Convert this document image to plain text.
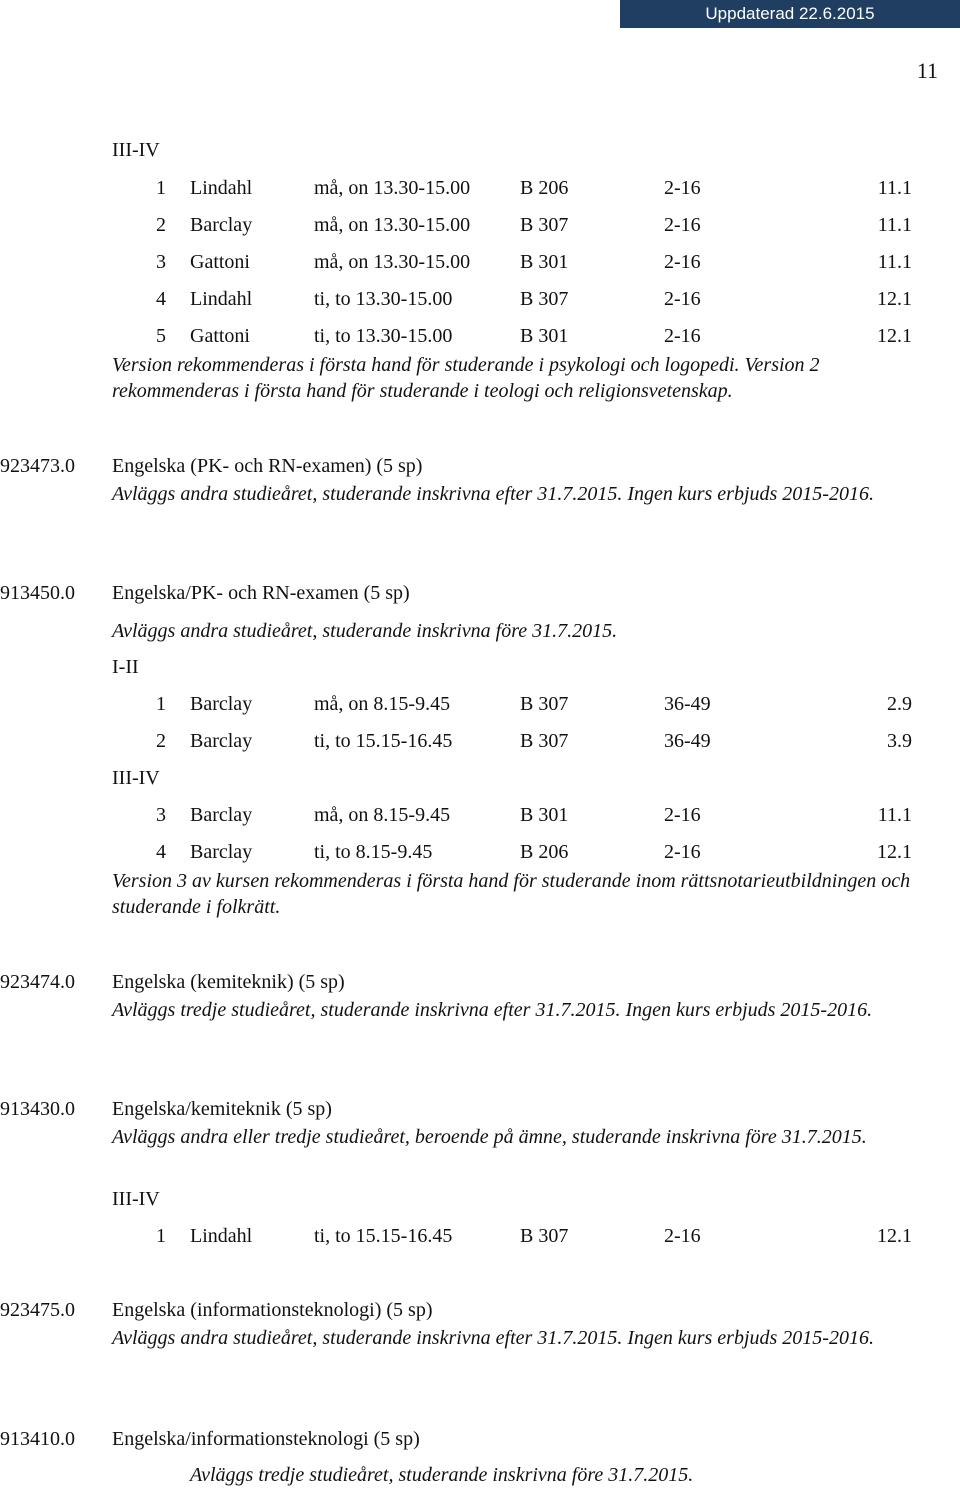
Uppdaterad 22.6.2015
11
III-IV
1 Lindahl	må, on 13.30-15.00 B 206	2-16	11.1
2 Barclay	må, on 13.30-15.00 B 307	2-16	11.1
3 Gattoni	må, on 13.30-15.00 B 301	2-16	11.1
4 Lindahl	ti, to 13.30-15.00	B 307	2-16	12.1
5 Gattoni	ti, to 13.30-15.00	B 301	2-16	12.1
Version rekommenderas i första hand för studerande i psykologi och logopedi. Version 2 rekommenderas i första hand för studerande i teologi och religionsvetenskap.
923473.0 Engelska (PK- och RN-examen) (5 sp)
Avläggs andra studieåret, studerande inskrivna efter 31.7.2015. Ingen kurs erbjuds 2015-2016.
913450.0 Engelska/PK- och RN-examen (5 sp)
Avläggs andra studieåret, studerande inskrivna före 31.7.2015.
I-II
1 Barclay	må, on 8.15-9.45	B 307	36-49	2.9
2 Barclay	ti, to 15.15-16.45	B 307	36-49	3.9
III-IV
3 Barclay	må, on 8.15-9.45	B 301	2-16	11.1
4 Barclay	ti, to 8.15-9.45	B 206	2-16	12.1
Version 3 av kursen rekommenderas i första hand för studerande inom rättsnotarieutbildningen och studerande i folkrätt.
923474.0 Engelska (kemiteknik) (5 sp)
Avläggs tredje studieåret, studerande inskrivna efter 31.7.2015. Ingen kurs erbjuds 2015-2016.
913430.0 Engelska/kemiteknik (5 sp)
Avläggs andra eller tredje studieåret, beroende på ämne, studerande inskrivna före 31.7.2015.
III-IV
1 Lindahl	ti, to 15.15-16.45	B 307	2-16	12.1
923475.0 Engelska (informationsteknologi) (5 sp)
Avläggs andra studieåret, studerande inskrivna efter 31.7.2015. Ingen kurs erbjuds 2015-2016.
913410.0 Engelska/informationsteknologi (5 sp)
Avläggs tredje studieåret, studerande inskrivna före 31.7.2015.
